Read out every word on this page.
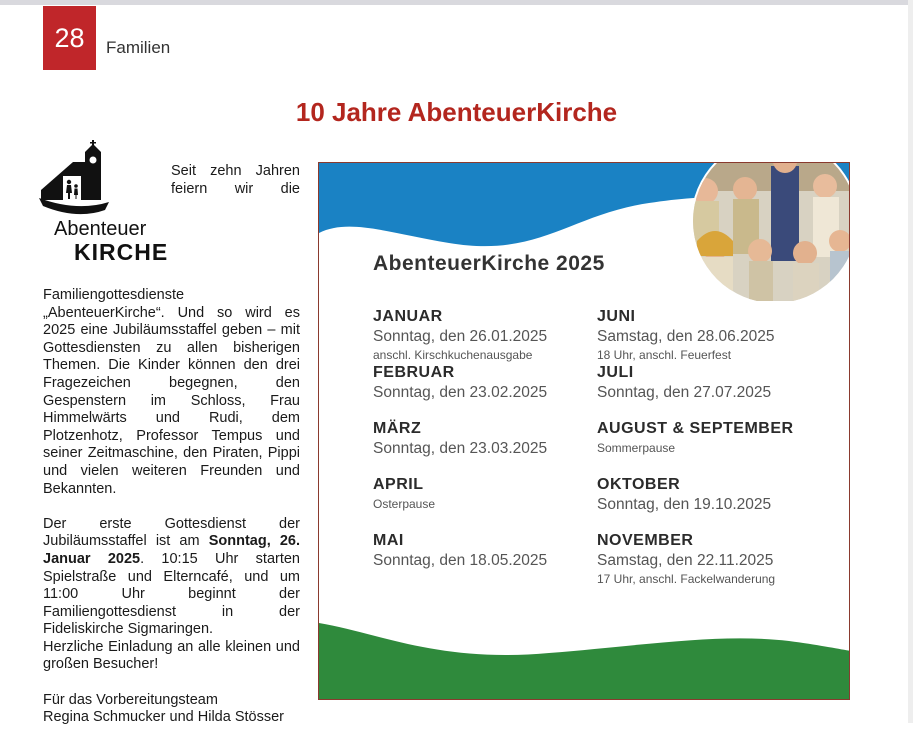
28	Familien
10 Jahre AbenteuerKirche
Abenteuer
KIRCHE

Seit zehn Jahren feiern wir die Familiengottesdienste „AbenteuerKirche“. Und so wird es 2025 eine Jubiläumsstaffel geben – mit Gottesdiensten zu allen bisherigen Themen. Die Kinder können den drei Fragezeichen begegnen, den Gespenstern im Schloss, Frau Himmelwärts und Rudi, dem Plotzenhotz, Professor Tempus und seiner Zeitmaschine, den Piraten, Pippi und vielen weiteren Freunden und Bekannten.

Der erste Gottesdienst der Jubiläumsstaffel ist am Sonntag, 26. Januar 2025. 10:15 Uhr starten Spielstraße und Elterncafé, und um 11:00 Uhr beginnt der Familiengottesdienst in der Fideliskirche Sigmaringen.
Herzliche Einladung an alle kleinen und großen Besucher!

Für das Vorbereitungsteam
Regina Schmucker und Hilda Stösser

AbenteuerKirche 2025
JANUAR
Sonntag, den 26.01.2025
anschl. Kirschkuchenausgabe
FEBRUAR
Sonntag, den 23.02.2025
MÄRZ
Sonntag, den 23.03.2025
APRIL
Osterpause
MAI
Sonntag, den 18.05.2025
JUNI
Samstag, den 28.06.2025
18 Uhr, anschl. Feuerfest
JULI
Sonntag, den 27.07.2025
AUGUST & SEPTEMBER
Sommerpause
OKTOBER
Sonntag, den 19.10.2025
NOVEMBER
Samstag, den 22.11.2025
17 Uhr, anschl. Fackelwanderung
